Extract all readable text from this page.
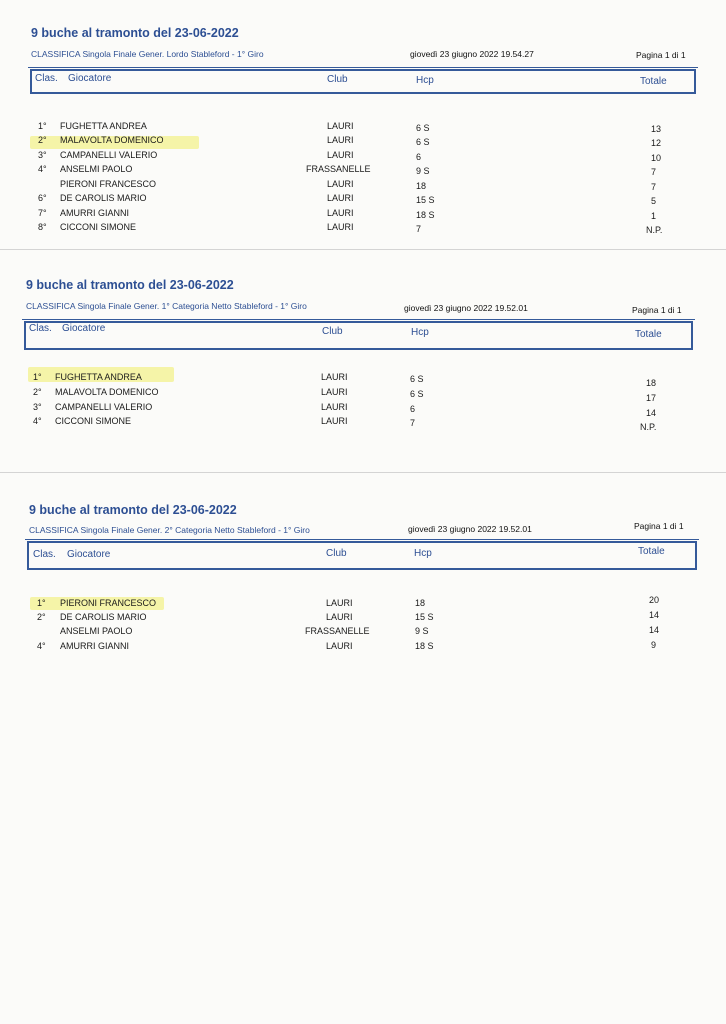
9 buche al tramonto del 23-06-2022
CLASSIFICA Singola Finale Gener. Lordo Stableford - 1° Giro	giovedì 23 giugno 2022 19.54.27	Pagina 1 di 1
Clas. Giocatore	Club	Hcp	Totale
1° FUGHETTA ANDREA	LAURI	6 S	13
2° MALAVOLTA DOMENICO	LAURI	6 S	12
3° CAMPANELLI VALERIO	LAURI	6	10
4° ANSELMI PAOLO	FRASSANELLE	9 S	7
PIERONI FRANCESCO	LAURI	18	7
6° DE CAROLIS MARIO	LAURI	15 S	5
7° AMURRI GIANNI	LAURI	18 S	1
8° CICCONI SIMONE	LAURI	7	N.P.
9 buche al tramonto del 23-06-2022
CLASSIFICA Singola Finale Gener. 1° Categoria Netto Stableford - 1° Giro	giovedì 23 giugno 2022 19.52.01	Pagina 1 di 1
Clas. Giocatore	Club	Hcp	Totale
1° FUGHETTA ANDREA	LAURI	6 S	18
2° MALAVOLTA DOMENICO	LAURI	6 S	17
3° CAMPANELLI VALERIO	LAURI	6	14
4° CICCONI SIMONE	LAURI	7	N.P.
9 buche al tramonto del 23-06-2022
CLASSIFICA Singola Finale Gener. 2° Categoria Netto Stableford - 1° Giro	giovedì 23 giugno 2022 19.52.01	Pagina 1 di 1
Clas. Giocatore	Club	Hcp	Totale
1° PIERONI FRANCESCO	LAURI	18	20
2° DE CAROLIS MARIO	LAURI	15 S	14
ANSELMI PAOLO	FRASSANELLE	9 S	14
4° AMURRI GIANNI	LAURI	18 S	9
